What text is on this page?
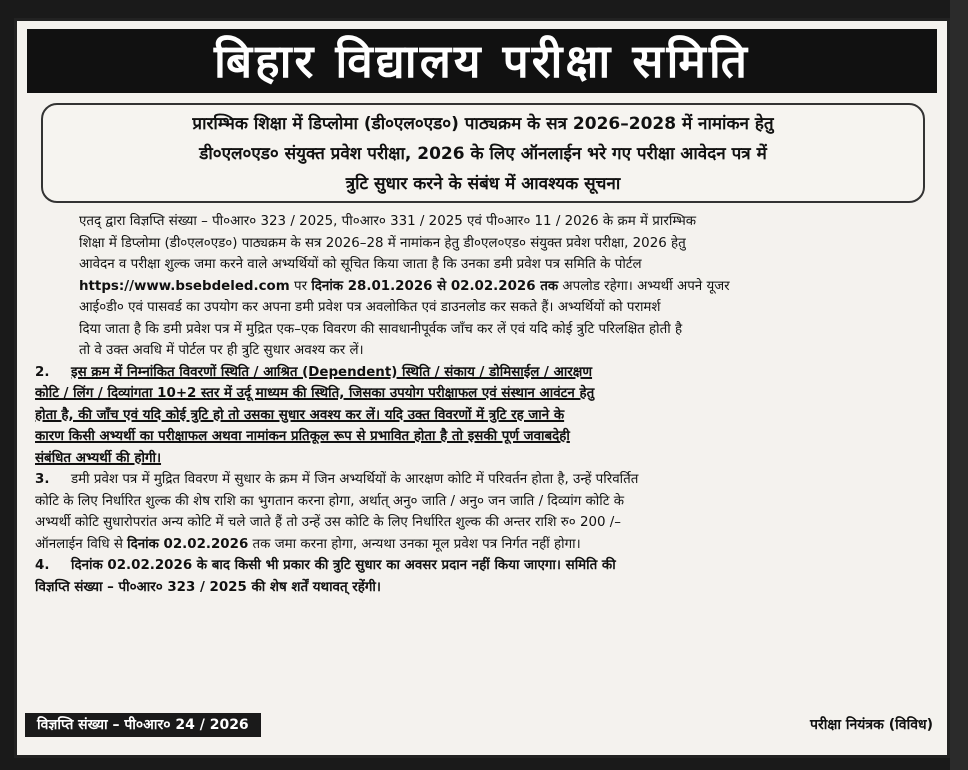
बिहार विद्यालय परीक्षा समिति
प्रारम्भिक शिक्षा में डिप्लोमा (डी०एल०एड०) पाठ्यक्रम के सत्र 2026–2028 में नामांकन हेतु
डी०एल०एड० संयुक्त प्रवेश परीक्षा, 2026 के लिए ऑनलाईन भरे गए परीक्षा आवेदन पत्र में
त्रुटि सुधार करने के संबंध में आवश्यक सूचना
एतद् द्वारा विज्ञप्ति संख्या – पी०आर० 323 / 2025, पी०आर० 331 / 2025 एवं पी०आर० 11 / 2026 के क्रम में प्रारम्भिक
शिक्षा में डिप्लोमा (डी०एल०एड०) पाठ्यक्रम के सत्र 2026–28 में नामांकन हेतु डी०एल०एड० संयुक्त प्रवेश परीक्षा, 2026 हेतु
आवेदन व परीक्षा शुल्क जमा करने वाले अभ्यर्थियों को सूचित किया जाता है कि उनका डमी प्रवेश पत्र समिति के पोर्टल
https://www.bsebdeled.com पर दिनांक 28.01.2026 से 02.02.2026 तक अपलोड रहेगा। अभ्यर्थी अपने यूजर
आई०डी० एवं पासवर्ड का उपयोग कर अपना डमी प्रवेश पत्र अवलोकित एवं डाउनलोड कर सकते हैं। अभ्यर्थियों को परामर्श
दिया जाता है कि डमी प्रवेश पत्र में मुद्रित एक–एक विवरण की सावधानीपूर्वक जाँच कर लें एवं यदि कोई त्रुटि परिलक्षित होती है
तो वे उक्त अवधि में पोर्टल पर ही त्रुटि सुधार अवश्य कर लें।
2. इस क्रम में निम्नांकित विवरणों स्थिति / आश्रित (Dependent) स्थिति / संकाय / डोमिसाईल / आरक्षण
कोटि / लिंग / दिव्यांगता 10+2 स्तर में उर्दू माध्यम की स्थिति, जिसका उपयोग परीक्षाफल एवं संस्थान आवंटन हेतु
होता है, की जाँच एवं यदि कोई त्रुटि हो तो उसका सुधार अवश्य कर लें। यदि उक्त विवरणों में त्रुटि रह जाने के
कारण किसी अभ्यर्थी का परीक्षाफल अथवा नामांकन प्रतिकूल रूप से प्रभावित होता है तो इसकी पूर्ण जवाबदेही
संबंधित अभ्यर्थी की होगी।
3. डमी प्रवेश पत्र में मुद्रित विवरण में सुधार के क्रम में जिन अभ्यर्थियों के आरक्षण कोटि में परिवर्तन होता है, उन्हें परिवर्तित
कोटि के लिए निर्धारित शुल्क की शेष राशि का भुगतान करना होगा, अर्थात् अनु० जाति / अनु० जन जाति / दिव्यांग कोटि के
अभ्यर्थी कोटि सुधारोपरांत अन्य कोटि में चले जाते हैं तो उन्हें उस कोटि के लिए निर्धारित शुल्क की अन्तर राशि रु० 200 /–
ऑनलाईन विधि से दिनांक 02.02.2026 तक जमा करना होगा, अन्यथा उनका मूल प्रवेश पत्र निर्गत नहीं होगा।
4. दिनांक 02.02.2026 के बाद किसी भी प्रकार की त्रुटि सुधार का अवसर प्रदान नहीं किया जाएगा। समिति की
विज्ञप्ति संख्या – पी०आर० 323 / 2025 की शेष शर्तें यथावत् रहेंगी।
विज्ञप्ति संख्या – पी०आर० 24 / 2026	परीक्षा नियंत्रक (विविध)
